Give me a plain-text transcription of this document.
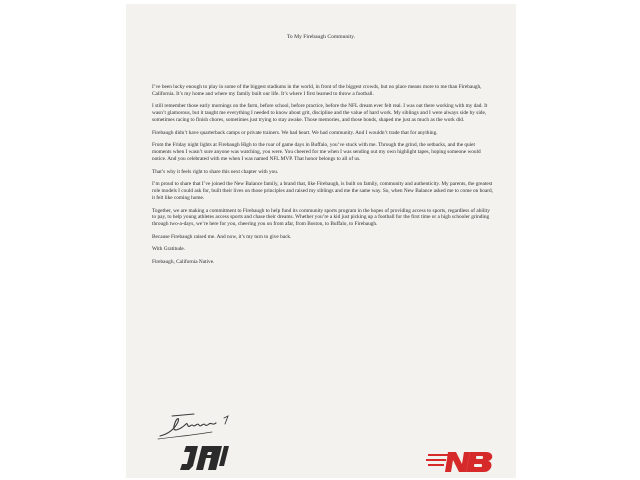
To My Firebaugh Community.

I’ve been lucky enough to play in some of the biggest stadiums in the world, in front of the biggest crowds, but no place means more to me than Firebaugh, California. It’s my home and where my family built our life. It’s where I first learned to throw a football.

I still remember those early mornings on the farm, before school, before practice, before the NFL dream ever felt real. I was out there working with my dad. It wasn’t glamorous, but it taught me everything I needed to know about grit, discipline and the value of hard work. My siblings and I were always side by side, sometimes racing to finish chores, sometimes just trying to stay awake. Those memories, and those bonds, shaped me just as much as the work did.

Firebaugh didn’t have quarterback camps or private trainers. We had heart. We had community. And I wouldn’t trade that for anything.

From the Friday night lights at Firebaugh High to the roar of game days in Buffalo, you’ve stuck with me. Through the grind, the setbacks, and the quiet moments when I wasn’t sure anyone was watching, you were. You cheered for me when I was sending out my own highlight tapes, hoping someone would notice. And you celebrated with me when I was named NFL MVP. That honor belongs to all of us.

That’s why it feels right to share this next chapter with you.

I’m proud to share that I’ve joined the New Balance family, a brand that, like Firebaugh, is built on family, community and authenticity. My parents, the greatest role models I could ask for, built their lives on those principles and raised my siblings and me the same way. So, when New Balance asked me to come on board, it felt like coming home.

Together, we are making a commitment to Firebaugh to help fund its community sports program in the hopes of providing access to sports, regardless of ability to pay, to help young athletes access sports and chase their dreams. Whether you’re a kid just picking up a football for the first time or a high schooler grinding through two-a-days, we’re here for you, cheering you on from afar, from Boston, to Buffalo, to Firebaugh.

Because Firebaugh raised me. And now, it’s my turn to give back.

With Gratitude.

Firebaugh, California Native.
